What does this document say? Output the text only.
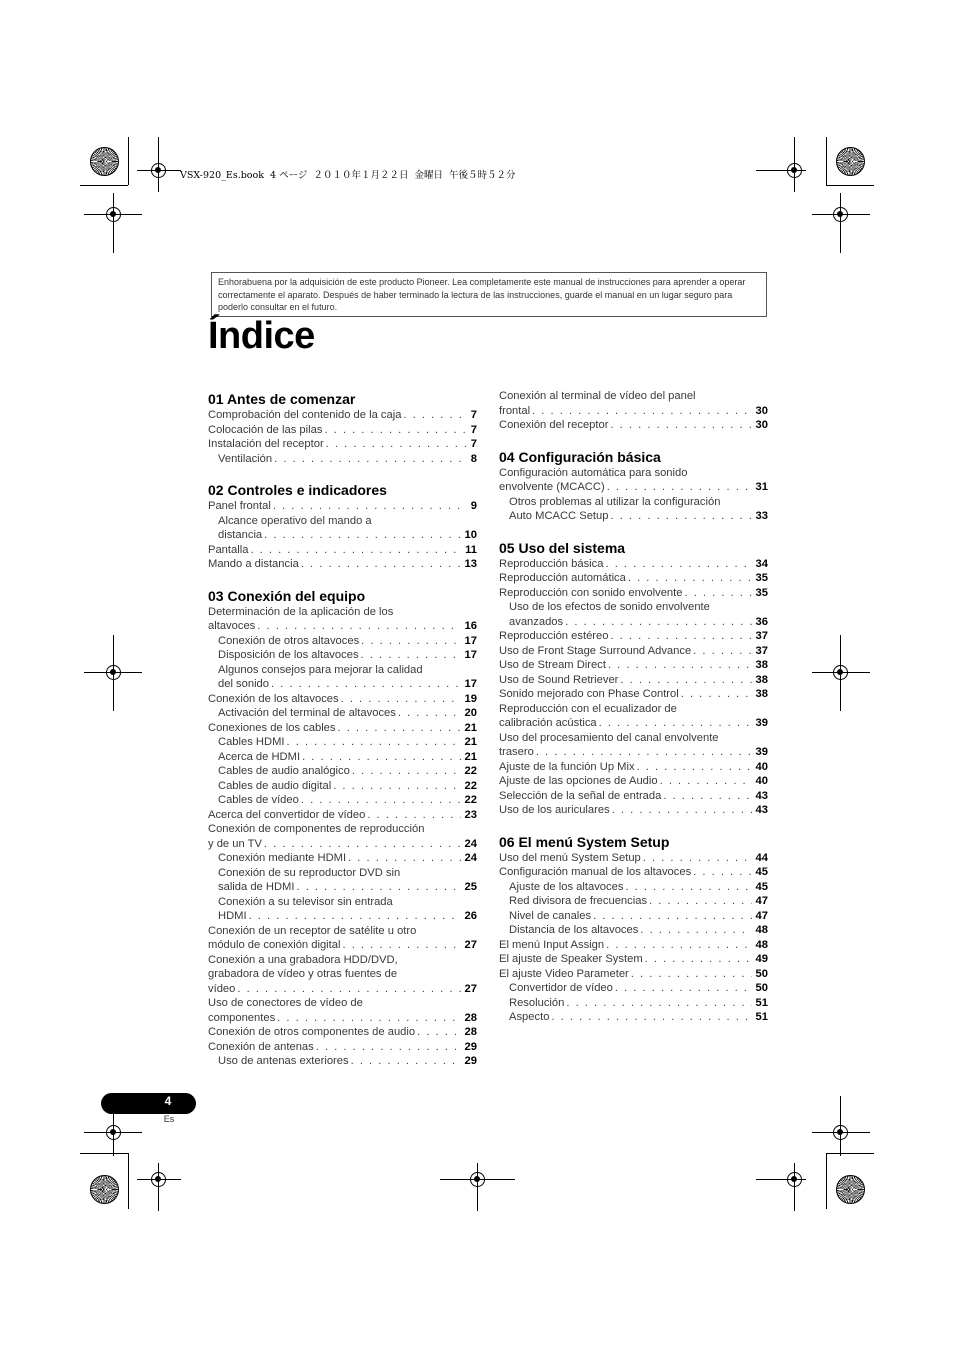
VSX-920_Es.book  4 ページ  ２０１０年１月２２日  金曜日  午後５時５２分
Enhorabuena por la adquisición de este producto Pioneer. Lea completamente este manual de instrucciones para aprender a operar correctamente el aparato. Después de haber terminado la lectura de las instrucciones, guarde el manual en un lugar seguro para poderlo consultar en el futuro.
Índice
01 Antes de comenzar
Comprobación del contenido de la caja . . .	7
Colocación de las pilas . . .	7
Instalación del receptor . . .	7
Ventilación . . .	8
02 Controles e indicadores
Panel frontal . . .	9
Alcance operativo del mando a
distancia . . .	10
Pantalla . . .	11
Mando a distancia . . .	13
03 Conexión del equipo
Determinación de la aplicación de los
altavoces . . .	16
Conexión de otros altavoces . . .	17
Disposición de los altavoces . . .	17
Algunos consejos para mejorar la calidad
del sonido . . .	17
Conexión de los altavoces . . .	19
Activación del terminal de altavoces . . .	20
Conexiones de los cables . . .	21
Cables HDMI . . .	21
Acerca de HDMI . . .	21
Cables de audio analógico . . .	22
Cables de audio digital . . .	22
Cables de vídeo . . .	22
Acerca del convertidor de vídeo . . .	23
Conexión de componentes de reproducción
y de un TV . . .	24
Conexión mediante HDMI . . .	24
Conexión de su reproductor DVD sin
salida de HDMI . . .	25
Conexión a su televisor sin entrada
HDMI . . .	26
Conexión de un receptor de satélite u otro
módulo de conexión digital . . .	27
Conexión a una grabadora HDD/DVD,
grabadora de vídeo y otras fuentes de
vídeo . . .	27
Uso de conectores de vídeo de
componentes . . .	28
Conexión de otros componentes de audio . . .	28
Conexión de antenas . . .	29
Uso de antenas exteriores . . .	29
Conexión al terminal de vídeo del panel
frontal . . .	30
Conexión del receptor . . .	30
04 Configuración básica
Configuración automática para sonido
envolvente (MCACC) . . .	31
Otros problemas al utilizar la configuración
Auto MCACC Setup . . .	33
05 Uso del sistema
Reproducción básica . . .	34
Reproducción automática . . .	35
Reproducción con sonido envolvente . . .	35
Uso de los efectos de sonido envolvente
avanzados . . .	36
Reproducción estéreo . . .	37
Uso de Front Stage Surround Advance . . .	37
Uso de Stream Direct . . .	38
Uso de Sound Retriever . . .	38
Sonido mejorado con Phase Control . . .	38
Reproducción con el ecualizador de
calibración acústica . . .	39
Uso del procesamiento del canal envolvente
trasero . . .	39
Ajuste de la función Up Mix . . .	40
Ajuste de las opciones de Audio . . .	40
Selección de la señal de entrada . . .	43
Uso de los auriculares . . .	43
06 El menú System Setup
Uso del menú System Setup . . .	44
Configuración manual de los altavoces . . .	45
Ajuste de los altavoces . . .	45
Red divisora de frecuencias . . .	47
Nivel de canales . . .	47
Distancia de los altavoces . . .	48
El menú Input Assign . . .	48
El ajuste de Speaker System . . .	49
El ajuste Video Parameter . . .	50
Convertidor de vídeo . . .	50
Resolución . . .	51
Aspecto . . .	51
4
Es
